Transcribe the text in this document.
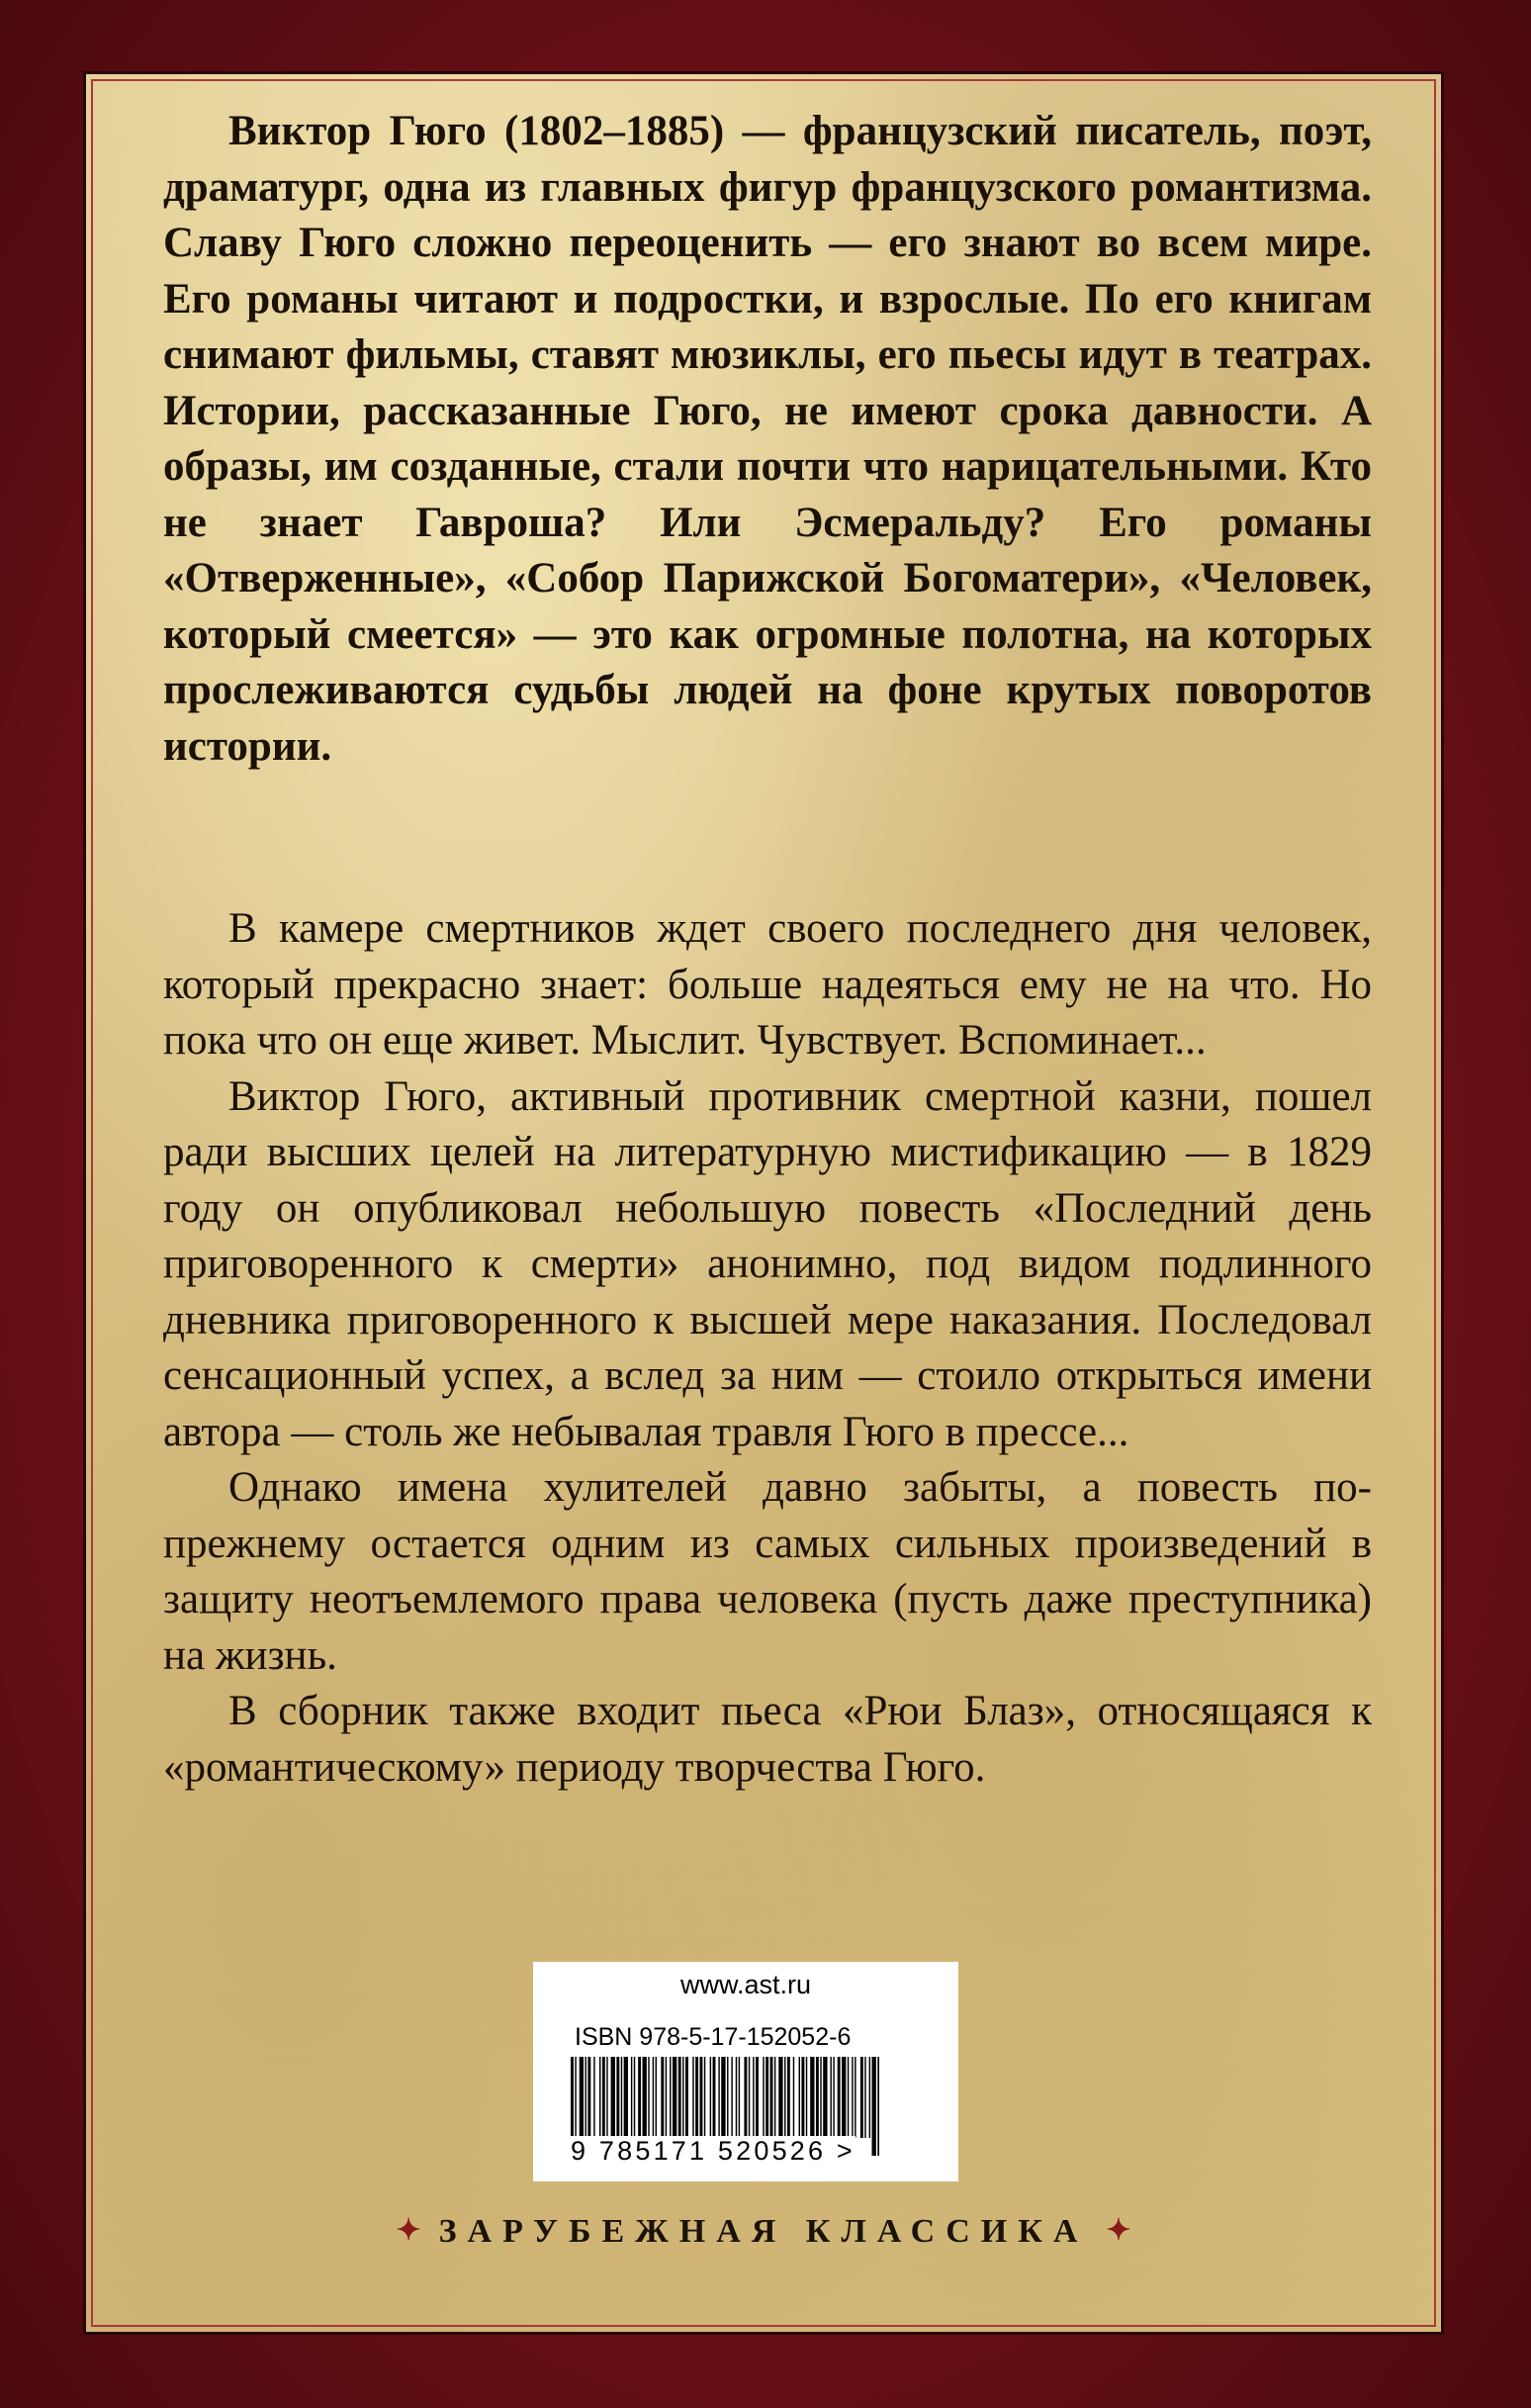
Виктор Гюго (1802–1885) — французский писатель, поэт, драматург, одна из главных фигур французского романтизма. Славу Гюго сложно переоценить — его знают во всем мире. Его романы читают и подростки, и взрослые. По его книгам снимают фильмы, ставят мюзиклы, его пьесы идут в театрах. Истории, рассказанные Гюго, не имеют срока давности. А образы, им созданные, стали почти что нарицательными. Кто не знает Гавроша? Или Эсмеральду? Его романы «Отверженные», «Собор Парижской Богоматери», «Человек, который смеется» — это как огромные полотна, на которых прослеживаются судьбы людей на фоне крутых поворотов истории.

В камере смертников ждет своего последнего дня человек, который прекрасно знает: больше надеяться ему не на что. Но пока что он еще живет. Мыслит. Чувствует. Вспоминает...

Виктор Гюго, активный противник смертной казни, пошел ради высших целей на литературную мистификацию — в 1829 году он опубликовал небольшую повесть «Последний день приговоренного к смерти» анонимно, под видом подлинного дневника приговоренного к высшей мере наказания. Последовал сенсационный успех, а вслед за ним — стоило открыться имени автора — столь же небывалая травля Гюго в прессе...

Однако имена хулителей давно забыты, а повесть по-прежнему остается одним из самых сильных произведений в защиту неотъемлемого права человека (пусть даже преступника) на жизнь.

В сборник также входит пьеса «Рюи Блаз», относящаяся к «романтическому» периоду творчества Гюго.

www.ast.ru
ISBN 978-5-17-152052-6
9 785171 520526 >
✦ ЗАРУБЕЖНАЯ КЛАССИКА ✦
